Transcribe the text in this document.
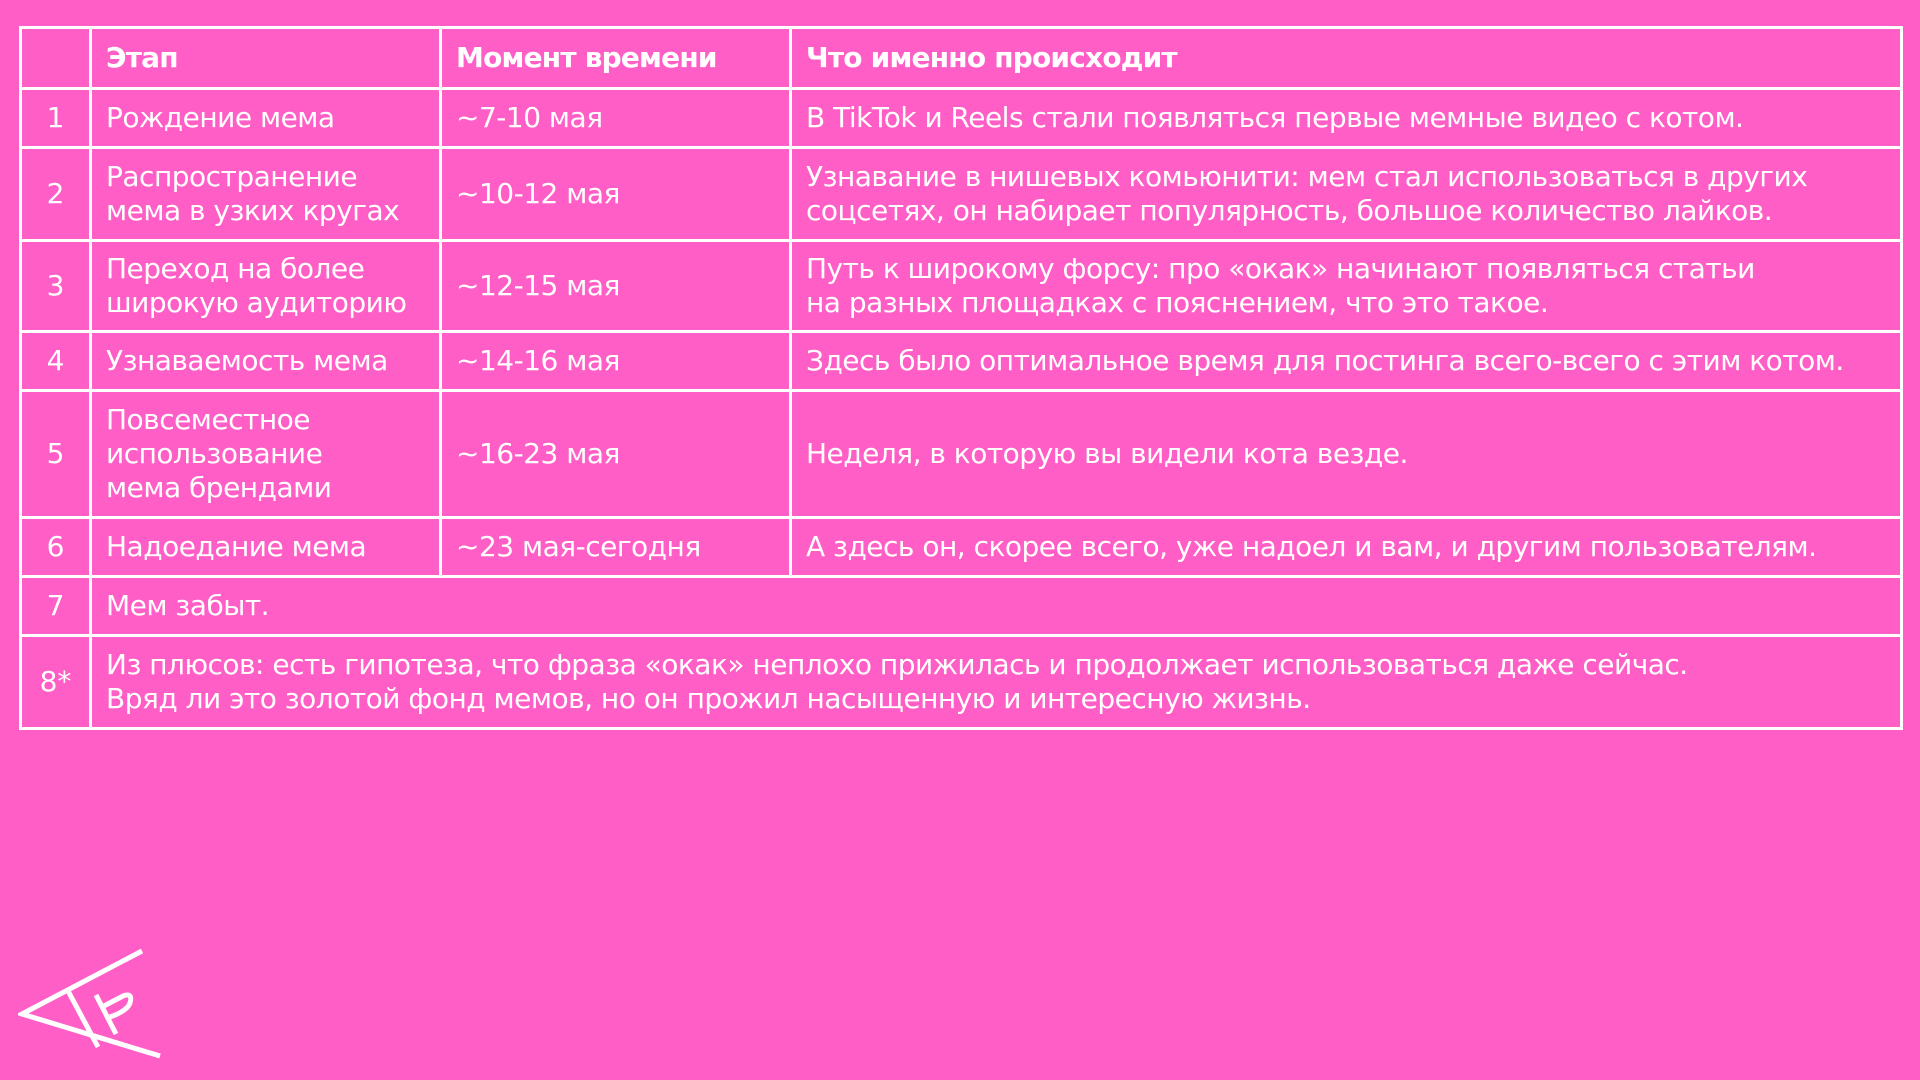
	Этап	Момент времени	Что именно происходит
1	Рождение мема	~7-10 мая	В TikTok и Reels стали появляться первые мемные видео с котом.
2	Распространение
мема в узких кругах	~10-12 мая	Узнавание в нишевых комьюнити: мем стал использоваться в других
соцсетях, он набирает популярность, большое количество лайков.
3	Переход на более
широкую аудиторию	~12-15 мая	Путь к широкому форсу: про «окак» начинают появляться статьи
на разных площадках с пояснением, что это такое.
4	Узнаваемость мема	~14-16 мая	Здесь было оптимальное время для постинга всего-всего с этим котом.
5	Повсеместное
использование
мема брендами	~16-23 мая	Неделя, в которую вы видели кота везде.
6	Надоедание мема	~23 мая-сегодня	А здесь он, скорее всего, уже надоел и вам, и другим пользователям.
7	Мем забыт.		
8*	Из плюсов: есть гипотеза, что фраза «окак» неплохо прижилась и продолжает использоваться даже сейчас.
Вряд ли это золотой фонд мемов, но он прожил насыщенную и интересную жизнь.		
